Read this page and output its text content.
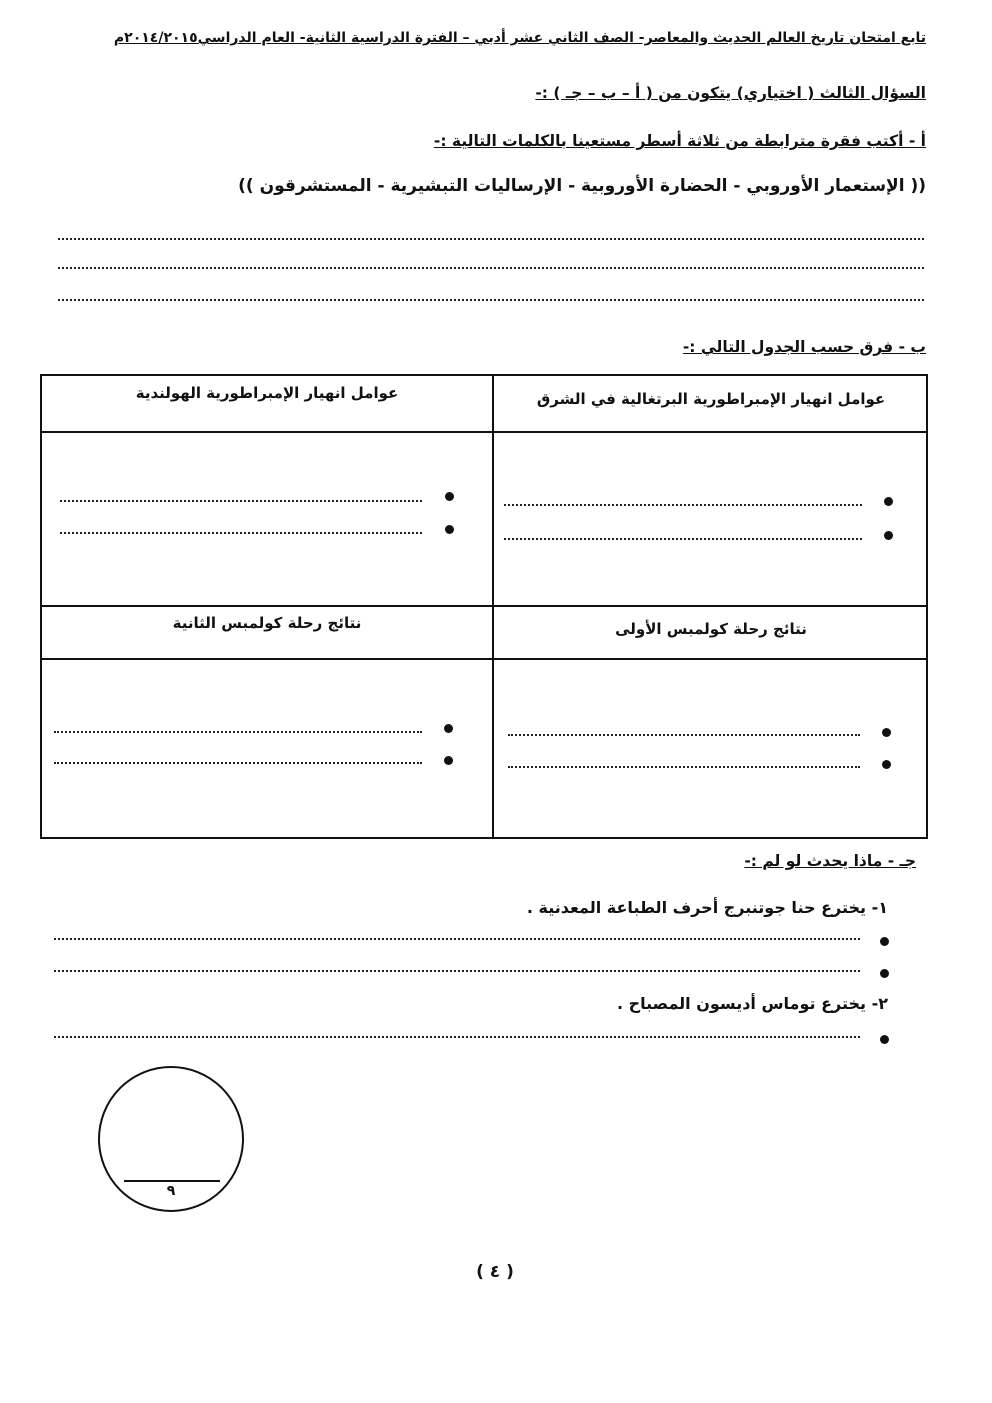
تابع امتحان تاريخ العالم الحديث والمعاصر- الصف الثاني عشر أدبي – الفترة الدراسية الثانية- العام الدراسي٢٠١٤/٢٠١٥م
السؤال الثالث ( اختياري) يتكون من ( أ – ب – جـ ) :-
أ - أكتب فقرة مترابطة من ثلاثة أسطر مستعينا بالكلمات التالية :-
(( الإستعمار الأوروبي - الحضارة الأوروبية - الإرساليات التبشيرية - المستشرقون ))
ب - فرق حسب الجدول التالي :-
عوامل انهيار الإمبراطورية البرتغالية في الشرق
عوامل انهيار الإمبراطورية الهولندية
نتائج رحلة كولمبس الأولى
نتائج رحلة كولمبس الثانية
جـ - ماذا يحدث لو لم :-
١- يخترع حنا جوتنبرج أحرف الطباعة المعدنية .
٢- يخترع توماس أديسون المصباح .
٩
( ٤ )
